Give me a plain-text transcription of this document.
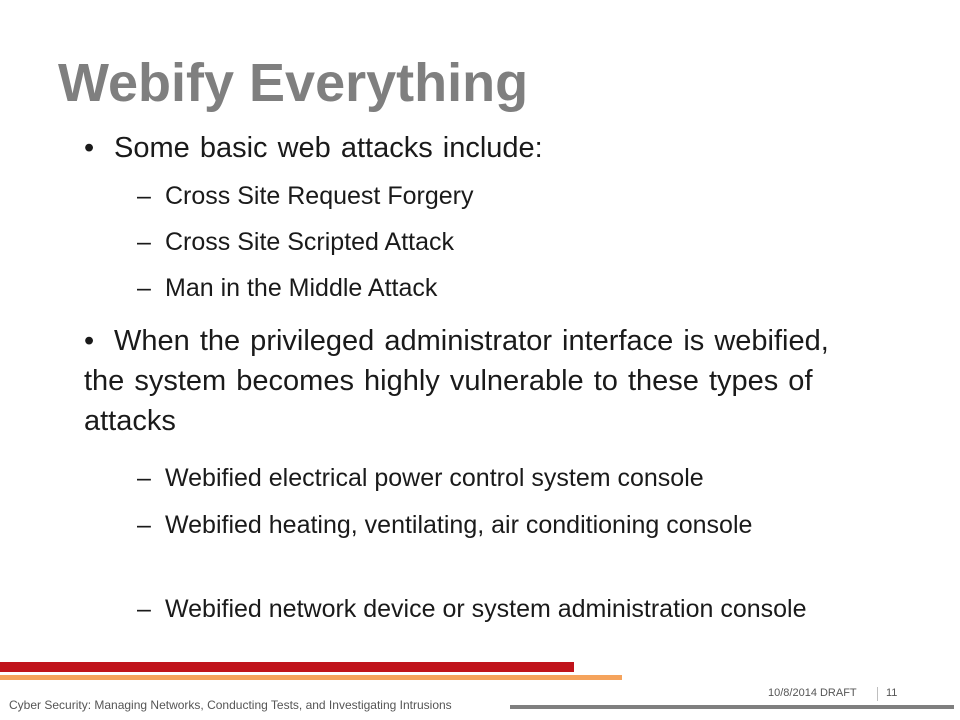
Webify Everything
• Some basic web attacks include:
– Cross Site Request Forgery
– Cross Site Scripted Attack
– Man in the Middle Attack
• When the privileged administrator interface is webified, the system becomes highly vulnerable to these types of attacks
– Webified electrical power control system console
– Webified heating, ventilating, air conditioning console
– Webified network device or system administration console
Cyber Security: Managing Networks, Conducting Tests, and Investigating Intrusions
10/8/2014 DRAFT	11
